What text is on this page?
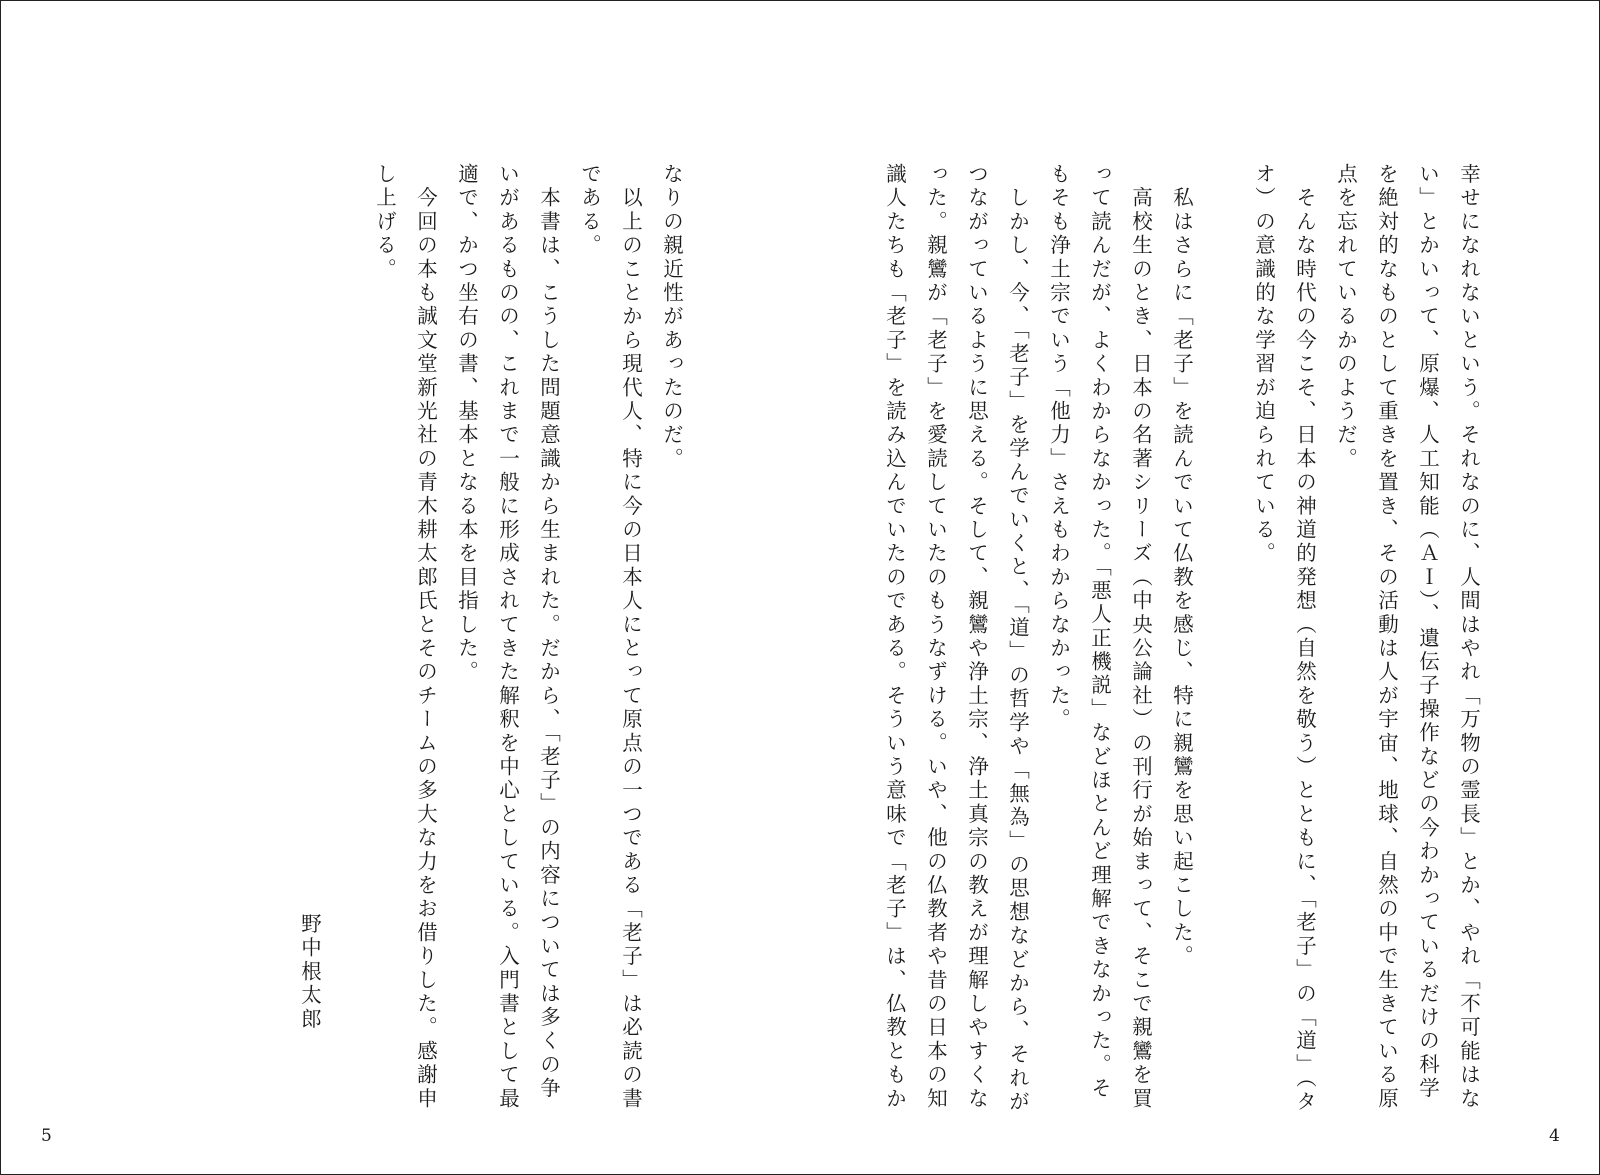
幸せになれないという。それなのに、人間はやれ「万物の霊長」とか、やれ「不可能はな
い」とかいって、原爆、人工知能（ＡＩ）、遺伝子操作などの今わかっているだけの科学
を絶対的なものとして重きを置き、その活動は人が宇宙、地球、自然の中で生きている原
点を忘れているかのようだ。
　そんな時代の今こそ、日本の神道的発想（自然を敬う）とともに、「老子」の「道」（タ
オ）の意識的な学習が迫られている。
　私はさらに「老子」を読んでいて仏教を感じ、特に親鸞を思い起こした。
　高校生のとき、日本の名著シリーズ（中央公論社）の刊行が始まって、そこで親鸞を買
って読んだが、よくわからなかった。「悪人正機説」などほとんど理解できなかった。そ
もそも浄土宗でいう「他力」さえもわからなかった。
　しかし、今、「老子」を学んでいくと、「道」の哲学や「無為」の思想などから、それが
つながっているように思える。そして、親鸞や浄土宗、浄土真宗の教えが理解しやすくな
った。親鸞が「老子」を愛読していたのもうなずける。いや、他の仏教者や昔の日本の知
識人たちも「老子」を読み込んでいたのである。そういう意味で「老子」は、仏教ともか
なりの親近性があったのだ。
　以上のことから現代人、特に今の日本人にとって原点の一つである「老子」は必読の書
である。
　本書は、こうした問題意識から生まれた。だから、「老子」の内容については多くの争
いがあるものの、これまで一般に形成されてきた解釈を中心としている。入門書として最
適で、かつ坐右の書、基本となる本を目指した。
　今回の本も誠文堂新光社の青木耕太郎氏とそのチームの多大な力をお借りした。感謝申
し上げる。
野中根太郎
5	4
